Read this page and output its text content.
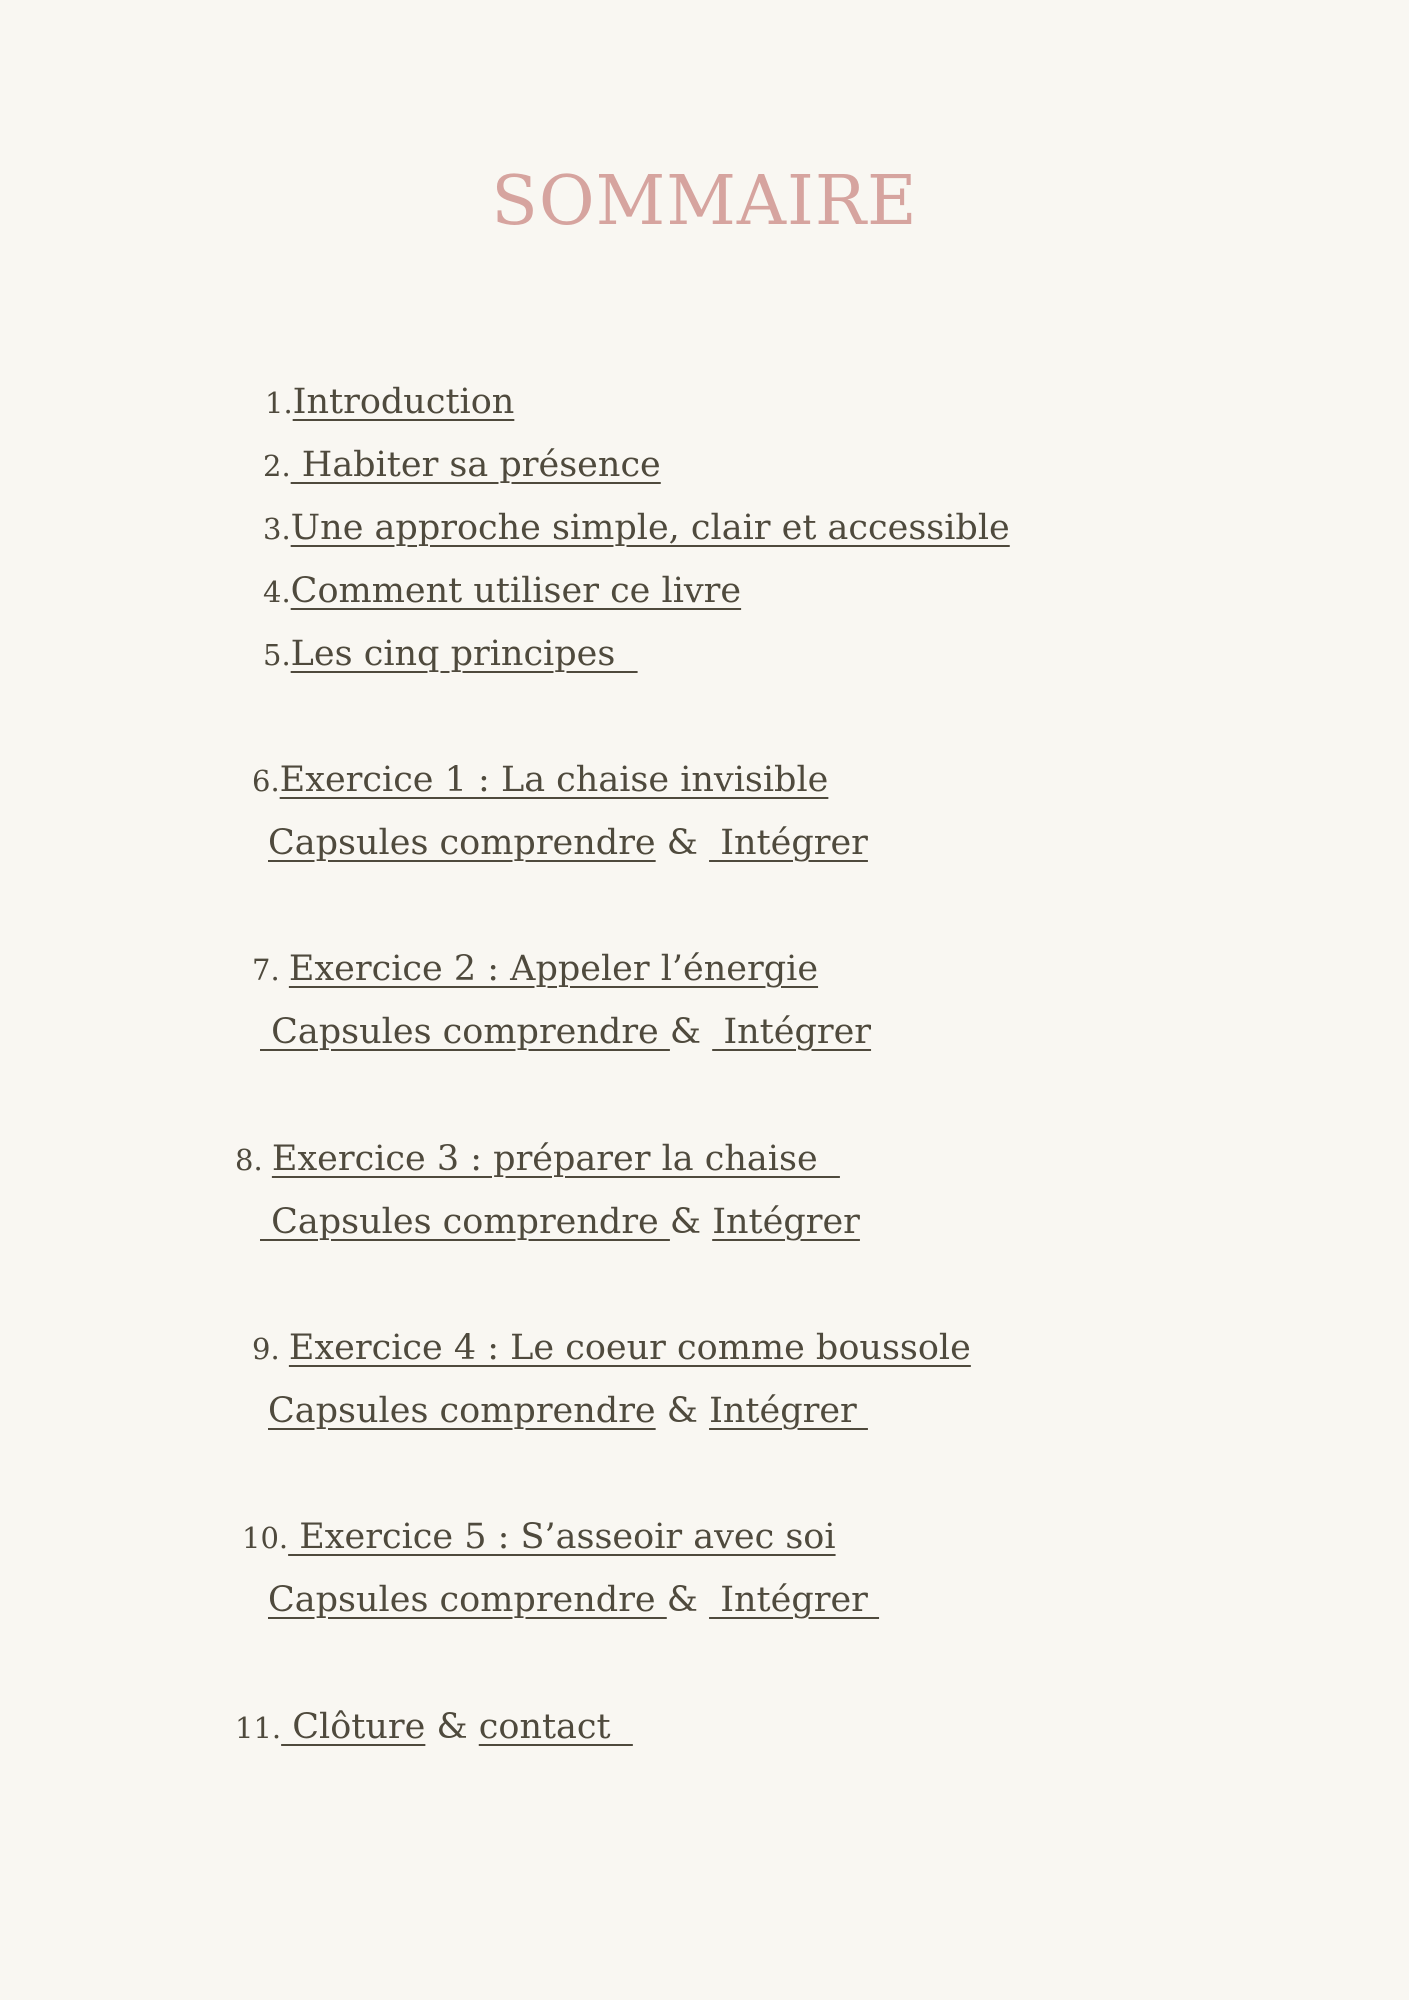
SOMMAIRE
1.Introduction
2. Habiter sa présence
3.Une approche simple, clair et accessible
4.Comment utiliser ce livre
5.Les cinq principes
6.Exercice 1 : La chaise invisible
Capsules comprendre &  Intégrer
7. Exercice 2 : Appeler l’énergie
Capsules comprendre &  Intégrer
8. Exercice 3 : préparer la chaise
Capsules comprendre & Intégrer
9. Exercice 4 : Le coeur comme boussole
Capsules comprendre & Intégrer
10. Exercice 5 : S’asseoir avec soi
Capsules comprendre &  Intégrer
11. Clôture & contact
